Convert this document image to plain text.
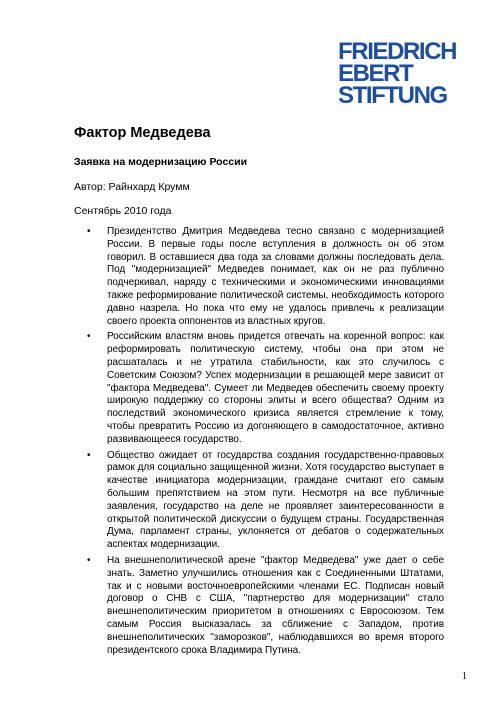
FRIEDRICH
EBERT
STIFTUNG
Фактор Медведева

Заявка на модернизацию России

Автор: Райнхард Крумм

Сентябрь 2010 года

• Президентство Дмитрия Медведева тесно связано с модернизацией России. В первые годы после вступления в должность он об этом говорил. В оставшиеся два года за словами должны последовать дела. Под "модернизацией" Медведев понимает, как он не раз публично подчеркивал, наряду с техническими и экономическими инновациями также реформирование политической системы, необходимость которого давно назрела. Но пока что ему не удалось привлечь к реализации своего проекта оппонентов из властных кругов.
• Российским властям вновь придется отвечать на коренной вопрос: как реформировать политическую систему, чтобы она при этом не расшаталась и не утратила стабильности, как это случилось с Советским Союзом? Успех модернизации в решающей мере зависит от "фактора Медведева". Сумеет ли Медведев обеспечить своему проекту широкую поддержку со стороны элиты и всего общества? Одним из последствий экономического кризиса является стремление к тому, чтобы превратить Россию из догоняющего в самодостаточное, активно развивающееся государство.
• Общество ожидает от государства создания государственно-правовых рамок для социально защищенной жизни. Хотя государство выступает в качестве инициатора модернизации, граждане считают его самым большим препятствием на этом пути. Несмотря на все публичные заявления, государство на деле не проявляет заинтересованности в открытой политической дискуссии о будущем страны. Государственная Дума, парламент страны, уклоняется от дебатов о содержательных аспектах модернизации.
• На внешнеполитической арене "фактор Медведева" уже дает о себе знать. Заметно улучшились отношения как с Соединенными Штатами, так и с новыми восточноевропейскими членами ЕС. Подписан новый договор о СНВ с США, "партнерство для модернизации" стало внешнеполитическим приоритетом в отношениях с Евросоюзом. Тем самым Россия высказалась за сближение с Западом, против внешнеполитических "заморозков", наблюдавшихся во время второго президентского срока Владимира Путина.
1
